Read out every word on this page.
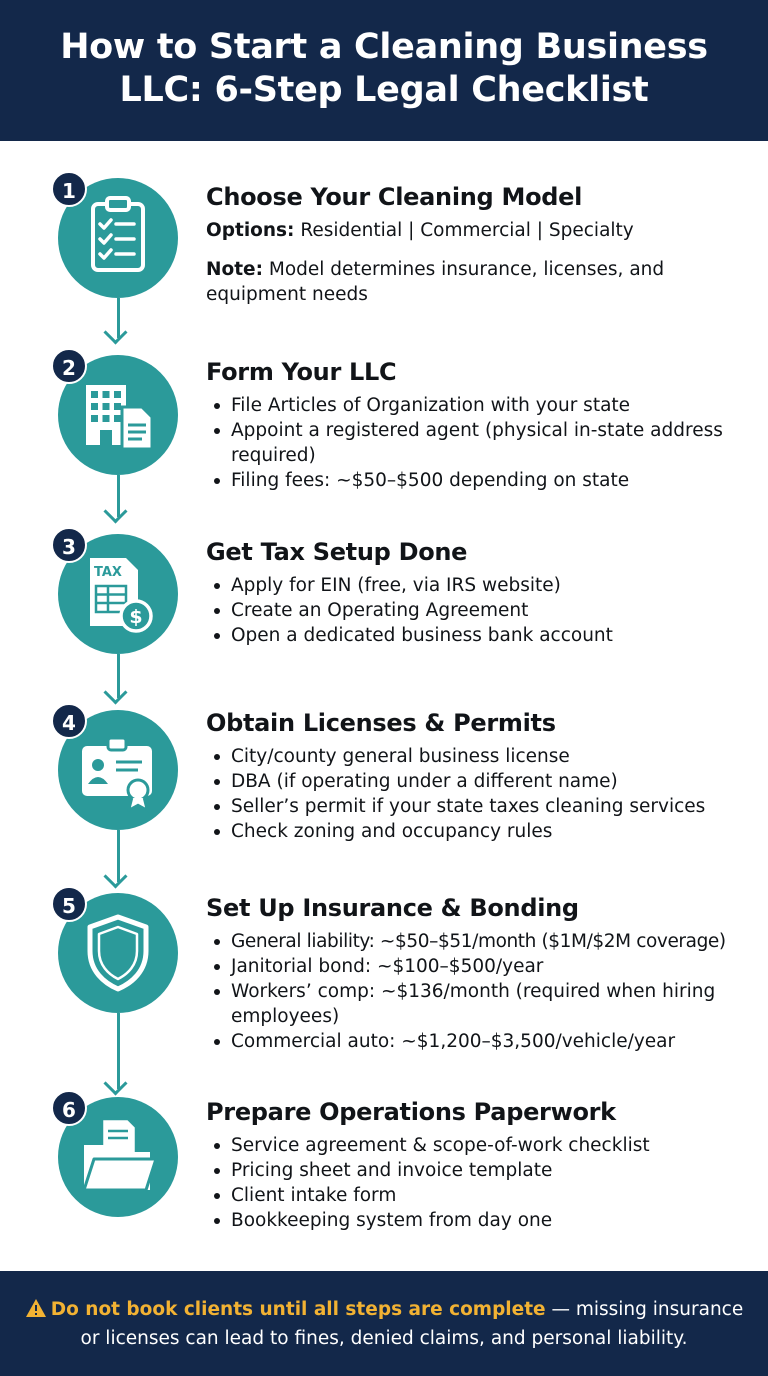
How to Start a Cleaning Business
LLC: 6-Step Legal Checklist
1	Choose Your Cleaning Model

Options: Residential | Commercial | Specialty

Note: Model determines insurance, licenses, and equipment needs

2	Form Your LLC
File Articles of Organization with your state
Appoint a registered agent (physical in-state address required)
Filing fees: ~$50–$500 depending on state
TAX
$
3	Get Tax Setup Done
Apply for EIN (free, via IRS website)
Create an Operating Agreement
Open a dedicated business bank account
4	Obtain Licenses & Permits
City/county general business license
DBA (if operating under a different name)
Seller’s permit if your state taxes cleaning services
Check zoning and occupancy rules
5	Set Up Insurance & Bonding
General liability: ~$50–$51/month ($1M/$2M coverage)
Janitorial bond: ~$100–$500/year
Workers’ comp: ~$136/month (required when hiring employees)
Commercial auto: ~$1,200–$3,500/vehicle/year
6	Prepare Operations Paperwork
Service agreement & scope-of-work checklist
Pricing sheet and invoice template
Client intake form
Bookkeeping system from day one

Do not book clients until all steps are complete — missing insurance or licenses can lead to fines, denied claims, and personal liability.
